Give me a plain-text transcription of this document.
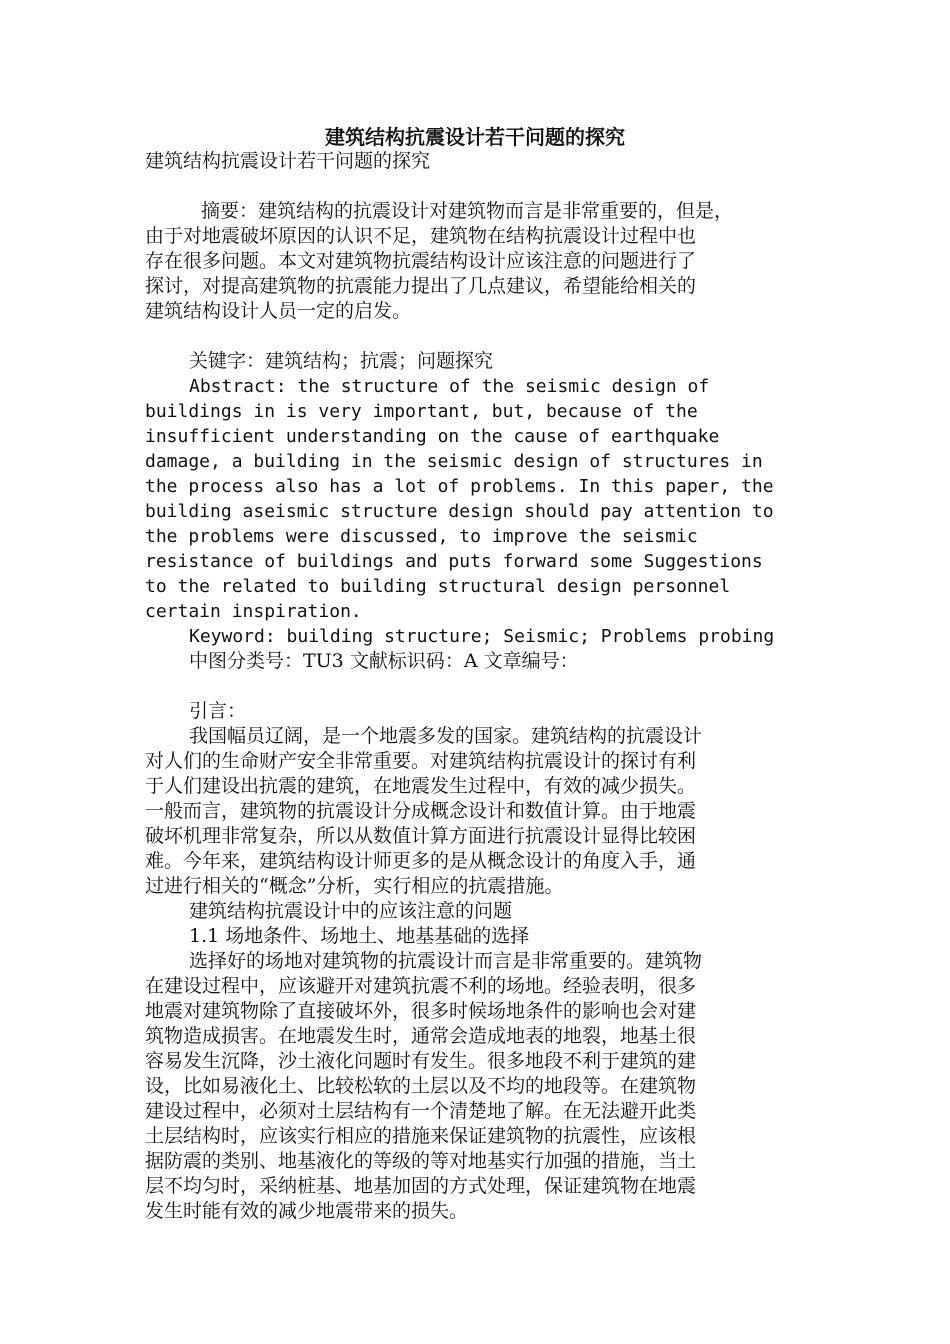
建筑结构抗震设计若干问题的探究
建筑结构抗震设计若干问题的探究
摘要：建筑结构的抗震设计对建筑物而言是非常重要的，但是，
由于对地震破坏原因的认识不足，建筑物在结构抗震设计过程中也
存在很多问题。本文对建筑物抗震结构设计应该注意的问题进行了
探讨，对提高建筑物的抗震能力提出了几点建议，希望能给相关的
建筑结构设计人员一定的启发。
关键字：建筑结构；抗震；问题探究
Abstract: the structure of the seismic design of
buildings in is very important, but, because of the
insufficient understanding on the cause of earthquake
damage, a building in the seismic design of structures in
the process also has a lot of problems. In this paper, the
building aseismic structure design should pay attention to
the problems were discussed, to improve the seismic
resistance of buildings and puts forward some Suggestions
to the related to building structural design personnel
certain inspiration.
Keyword: building structure; Seismic; Problems probing
中图分类号：TU3 文献标识码：A 文章编号：
引言：
我国幅员辽阔，是一个地震多发的国家。建筑结构的抗震设计
对人们的生命财产安全非常重要。对建筑结构抗震设计的探讨有利
于人们建设出抗震的建筑，在地震发生过程中，有效的减少损失。
一般而言，建筑物的抗震设计分成概念设计和数值计算。由于地震
破坏机理非常复杂，所以从数值计算方面进行抗震设计显得比较困
难。今年来，建筑结构设计师更多的是从概念设计的角度入手，通
过进行相关的“概念”分析，实行相应的抗震措施。
建筑结构抗震设计中的应该注意的问题
1.1 场地条件、场地土、地基基础的选择
选择好的场地对建筑物的抗震设计而言是非常重要的。建筑物
在建设过程中，应该避开对建筑抗震不利的场地。经验表明，很多
地震对建筑物除了直接破坏外，很多时候场地条件的影响也会对建
筑物造成损害。在地震发生时，通常会造成地表的地裂，地基土很
容易发生沉降，沙土液化问题时有发生。很多地段不利于建筑的建
设，比如易液化土、比较松软的土层以及不均的地段等。在建筑物
建设过程中，必须对土层结构有一个清楚地了解。在无法避开此类
土层结构时，应该实行相应的措施来保证建筑物的抗震性，应该根
据防震的类别、地基液化的等级的等对地基实行加强的措施，当土
层不均匀时，采纳桩基、地基加固的方式处理，保证建筑物在地震
发生时能有效的减少地震带来的损失。
